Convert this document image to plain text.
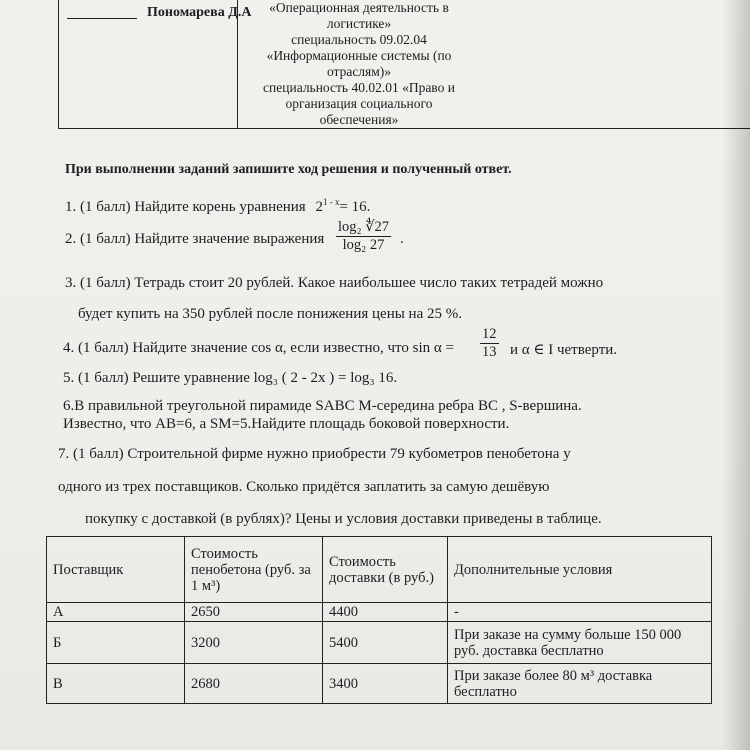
Пономарева Д.А	«Операционная деятельность в
логистике»
специальность 09.02.04
«Информационные системы (по
отраслям)»
специальность 40.02.01 «Право и
организация социального
обеспечения»
При выполнении заданий запишите ход решения и полученный ответ.
1. (1 балл) Найдите корень уравнения $2^{1 - x}= 16$.
2. (1 балл) Найдите значение выражения $\frac{\text{log₂ ∜27}}{\text{log₂ 27}}$ .
3. (1 балл) Тетрадь стоит 20 рублей. Какое наибольшее число таких тетрадей можно
будет купить на 350 рублей после понижения цены на 25 %.
4. (1 балл) Найдите значение cos α, если известно, что $\sin \alpha = \frac{12}{13}$ и α ∈ I четверти.
5. (1 балл) Решите уравнение log₃ ( 2 - 2x ) = log₃ 16.
6.В правильной треугольной пирамиде SABC M-середина ребра BC , S-вершина.
Известно, что AB=6, а SM=5.Найдите площадь боковой поверхности.
7. (1 балл) Строительной фирме нужно приобрести 79 кубометров пенобетона у
одного из трех поставщиков. Сколько придётся заплатить за самую дешёвую
покупку с доставкой (в рублях)? Цены и условия доставки приведены в таблице.
Поставщик	Стоимость пенобетона (руб. за 1 м³)	Стоимость доставки (в руб.)	Дополнительные условия
А	2650	4400	-
Б	3200	5400	При заказе на сумму больше 150 000 руб. доставка бесплатно
В	2680	3400	При заказе более 80 м³ доставка бесплатно
